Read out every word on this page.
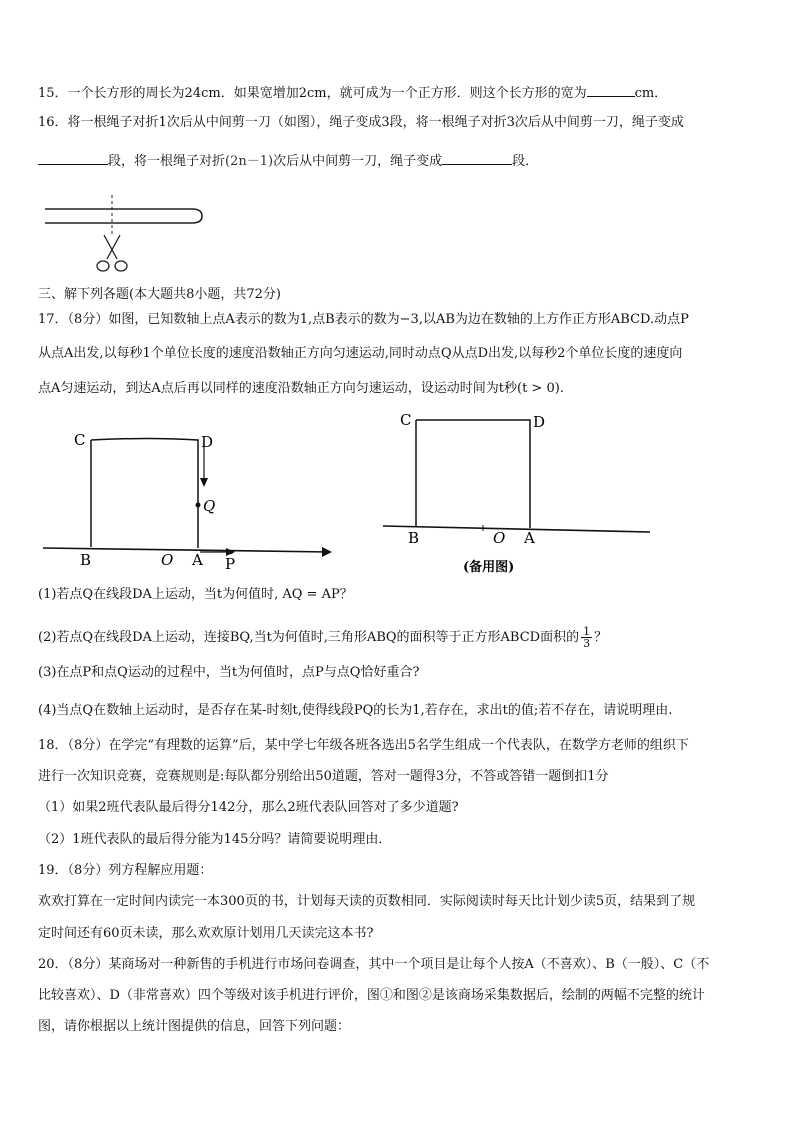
15．一个长方形的周长为24cm．如果宽增加2cm，就可成为一个正方形．则这个长方形的宽为	cm．
16．将一根绳子对折1次后从中间剪一刀（如图），绳子变成3段，将一根绳子对折3次后从中间剪一刀，绳子变成
段，将一根绳子对折(2n－1)次后从中间剪一刀，绳子变成	段．
三、解下列各题(本大题共8小题，共72分)
17．（8分）如图，已知数轴上点A表示的数为1,点B表示的数为−3,以AB为边在数轴的上方作正方形ABCD.动点P
从点A出发,以每秒1个单位长度的速度沿数轴正方向匀速运动,同时动点Q从点D出发,以每秒2个单位长度的速度向
点A匀速运动，到达A点后再以同样的速度沿数轴正方向匀速运动，设运动时间为t秒(t > 0).
C	D
Q
B	O A P
C	D
B	O A
(备用图)
(1)若点Q在线段DA上运动，当t为何值时, AQ = AP？
(2)若点Q在线段DA上运动，连接BQ,当t为何值时,三角形ABQ的面积等于正方形ABCD面积的 $\frac{1}{3}$ ？
(3)在点P和点Q运动的过程中，当t为何值时，点P与点Q恰好重合?
(4)当点Q在数轴上运动时，是否存在某-时刻t,使得线段PQ的长为1,若存在，求出t的值;若不存在，请说明理由.
18．（8分）在学完“有理数的运算”后，某中学七年级各班各选出5名学生组成一个代表队，在数学方老师的组织下
进行一次知识竞赛，竞赛规则是:每队都分别给出50道题，答对一题得3分，不答或答错一题倒扣1分
（1）如果2班代表队最后得分142分，那么2班代表队回答对了多少道题?
（2）1班代表队的最后得分能为145分吗？请简要说明理由．
19．（8分）列方程解应用题：
欢欢打算在一定时间内读完一本300页的书，计划每天读的页数相同．实际阅读时每天比计划少读5页，结果到了规
定时间还有60页未读，那么欢欢原计划用几天读完这本书?
20．（8分）某商场对一种新售的手机进行市场问卷调查，其中一个项目是让每个人按A（不喜欢）、B（一般）、C（不
比较喜欢）、D（非常喜欢）四个等级对该手机进行评价，图①和图②是该商场采集数据后，绘制的两幅不完整的统计
图，请你根据以上统计图提供的信息，回答下列问题：
